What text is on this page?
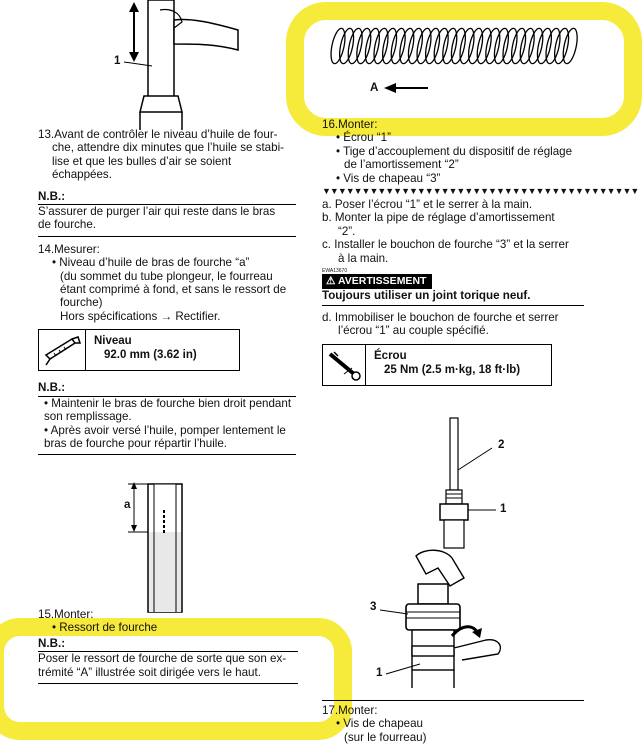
1
13.Avant de contrôler le niveau d’huile de four-
che, attendre dix minutes que l’huile se stabi-
lise et que les bulles d’air se soient
échappées.
N.B.:
S’assurer de purger l’air qui reste dans le bras
de fourche.
14.Mesurer:
• Niveau d’huile de bras de fourche “a”
(du sommet du tube plongeur, le fourreau
étant comprimé à fond, et sans le ressort de
fourche)
Hors spécifications → Rectifier.
Niveau
92.0 mm (3.62 in)
N.B.:
• Maintenir le bras de fourche bien droit pendant
son remplissage.
• Après avoir versé l’huile, pomper lentement le
bras de fourche pour répartir l’huile.
a
15.Monter:
• Ressort de fourche
N.B.:
Poser le ressort de fourche de sorte que son ex-
trémité “A” illustrée soit dirigée vers le haut.
A
16.Monter:
• Écrou “1”
• Tige d’accouplement du dispositif de réglage
de l’amortissement “2”
• Vis de chapeau “3”
▼▼▼▼▼▼▼▼▼▼▼▼▼▼▼▼▼▼▼▼▼▼▼▼▼▼▼▼▼▼▼▼▼▼▼▼▼▼▼▼
a. Poser l’écrou “1” et le serrer à la main.
b. Monter la pipe de réglage d’amortissement
“2”.
c. Installer le bouchon de fourche “3” et la serrer
à la main.
EWA13670
⚠ AVERTISSEMENT
Toujours utiliser un joint torique neuf.
d. Immobiliser le bouchon de fourche et serrer
l’écrou “1” au couple spécifié.
Écrou
25 Nm (2.5 m·kg, 18 ft·lb)
2
1
3
1
17.Monter:
• Vis de chapeau
(sur le fourreau)
